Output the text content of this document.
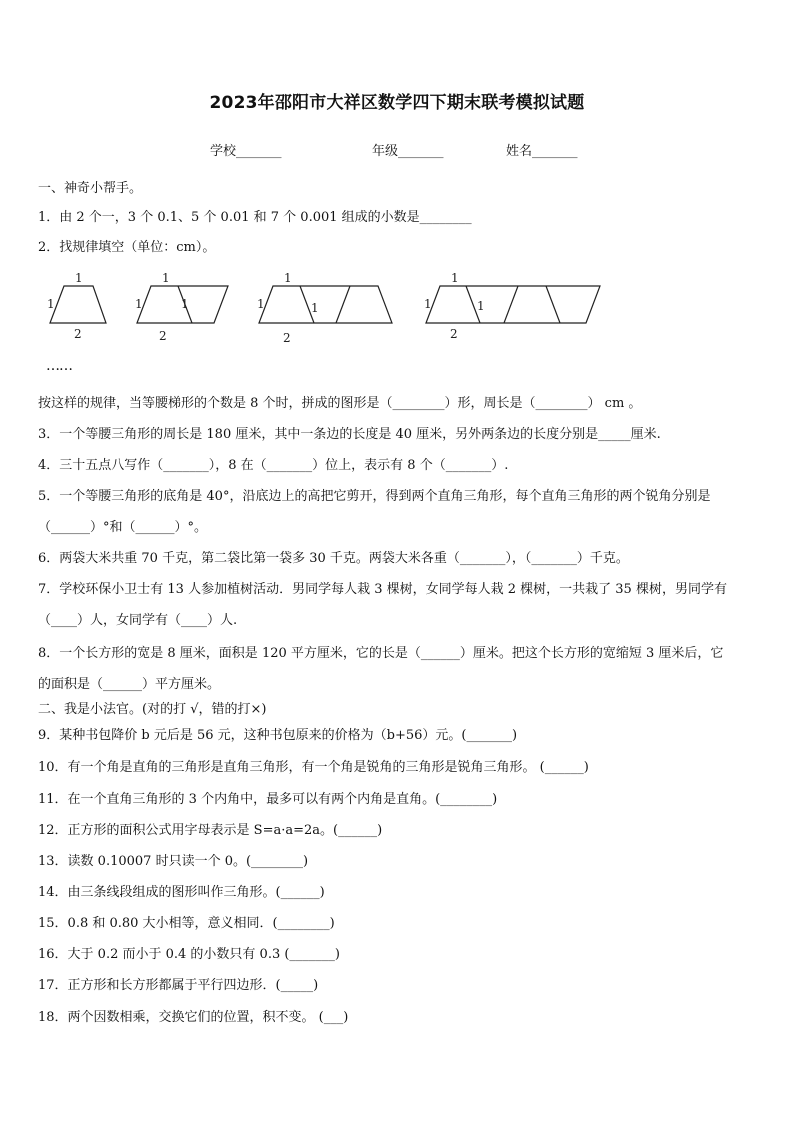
2023年邵阳市大祥区数学四下期末联考模拟试题
学校_______	年级_______	姓名_______
一、神奇小帮手。
1．由 2 个一，3 个 0.1、5 个 0.01 和 7 个 0.001 组成的小数是________
2．找规律填空（单位：cm）。
1
1
2
1
1	1
2
1
1	1
2
1
1	1
2
……
按这样的规律，当等腰梯形的个数是 8 个时，拼成的图形是（________）形，周长是（________） cm 。
3．一个等腰三角形的周长是 180 厘米，其中一条边的长度是 40 厘米，另外两条边的长度分别是_____厘米.
4．三十五点八写作（_______），8 在（_______）位上，表示有 8 个（_______）.
5．一个等腰三角形的底角是 40°，沿底边上的高把它剪开，得到两个直角三角形，每个直角三角形的两个锐角分别是
（______）°和（______）°。
6．两袋大米共重 70 千克，第二袋比第一袋多 30 千克。两袋大米各重（_______），（_______）千克。
7．学校环保小卫士有 13 人参加植树活动．男同学每人栽 3 棵树，女同学每人栽 2 棵树，一共栽了 35 棵树，男同学有
（____）人，女同学有（____）人.
8．一个长方形的宽是 8 厘米，面积是 120 平方厘米，它的长是（______）厘米。把这个长方形的宽缩短 3 厘米后，它
的面积是（______）平方厘米。
二、我是小法官。(对的打 √，错的打×)
9．某种书包降价 b 元后是 56 元，这种书包原来的价格为（b+56）元。(_______)
10．有一个角是直角的三角形是直角三角形，有一个角是锐角的三角形是锐角三角形。 (______)
11．在一个直角三角形的 3 个内角中，最多可以有两个内角是直角。(________)
12．正方形的面积公式用字母表示是 S=a·a=2a。(______)
13．读数 0.10007 时只读一个 0。(________)
14．由三条线段组成的图形叫作三角形。(______)
15．0.8 和 0.80 大小相等，意义相同．(________)
16．大于 0.2 而小于 0.4 的小数只有 0.3 (_______)
17．正方形和长方形都属于平行四边形．(_____)
18．两个因数相乘，交换它们的位置，积不变。 (___)
